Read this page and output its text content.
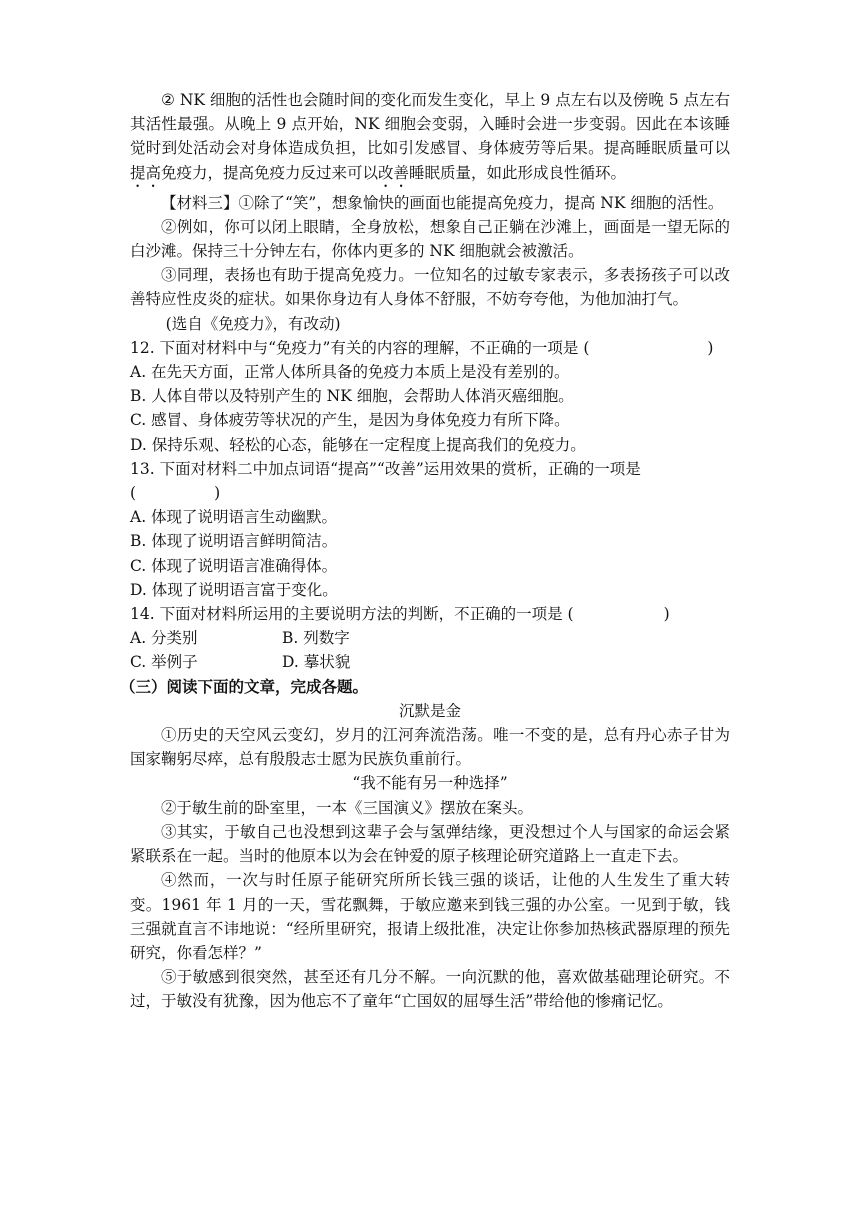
② NK 细胞的活性也会随时间的变化而发生变化，早上 9 点左右以及傍晚 5 点左右其活性最强。从晚上 9 点开始，NK 细胞会变弱，入睡时会进一步变弱。因此在本该睡觉时到处活动会对身体造成负担，比如引发感冒、身体疲劳等后果。提高睡眠质量可以提高免疫力，提高免疫力反过来可以改善睡眠质量，如此形成良性循环。

【材料三】①除了“笑”，想象愉快的画面也能提高免疫力，提高 NK 细胞的活性。

②例如，你可以闭上眼睛，全身放松，想象自己正躺在沙滩上，画面是一望无际的白沙滩。保持三十分钟左右，你体内更多的 NK 细胞就会被激活。

③同理，表扬也有助于提高免疫力。一位知名的过敏专家表示，多表扬孩子可以改善特应性皮炎的症状。如果你身边有人身体不舒服，不妨夸夸他，为他加油打气。

(选自《免疫力》，有改动)

12. 下面对材料中与“免疫力”有关的内容的理解，不正确的一项是 (	)

A. 在先天方面，正常人体所具备的免疫力本质上是没有差别的。

B. 人体自带以及特别产生的 NK 细胞，会帮助人体消灭癌细胞。

C. 感冒、身体疲劳等状况的产生，是因为身体免疫力有所下降。

D. 保持乐观、轻松的心态，能够在一定程度上提高我们的免疫力。

13. 下面对材料二中加点词语“提高”“改善”运用效果的赏析，正确的一项是

(	)

A. 体现了说明语言生动幽默。

B. 体现了说明语言鲜明简洁。

C. 体现了说明语言准确得体。

D. 体现了说明语言富于变化。

14. 下面对材料所运用的主要说明方法的判断，不正确的一项是 (	)

A. 分类别	B. 列数字

C. 举例子	D. 摹状貌

（三）阅读下面的文章，完成各题。

沉默是金

①历史的天空风云变幻，岁月的江河奔流浩荡。唯一不变的是，总有丹心赤子甘为国家鞠躬尽瘁，总有殷殷志士愿为民族负重前行。

“我不能有另一种选择”

②于敏生前的卧室里，一本《三国演义》摆放在案头。

③其实，于敏自己也没想到这辈子会与氢弹结缘，更没想过个人与国家的命运会紧紧联系在一起。当时的他原本以为会在钟爱的原子核理论研究道路上一直走下去。

④然而，一次与时任原子能研究所所长钱三强的谈话，让他的人生发生了重大转变。1961 年 1 月的一天，雪花飘舞，于敏应邀来到钱三强的办公室。一见到于敏，钱三强就直言不讳地说：“经所里研究，报请上级批准，决定让你参加热核武器原理的预先研究，你看怎样？”

⑤于敏感到很突然，甚至还有几分不解。一向沉默的他，喜欢做基础理论研究。不过，于敏没有犹豫，因为他忘不了童年“亡国奴的屈辱生活”带给他的惨痛记忆。
